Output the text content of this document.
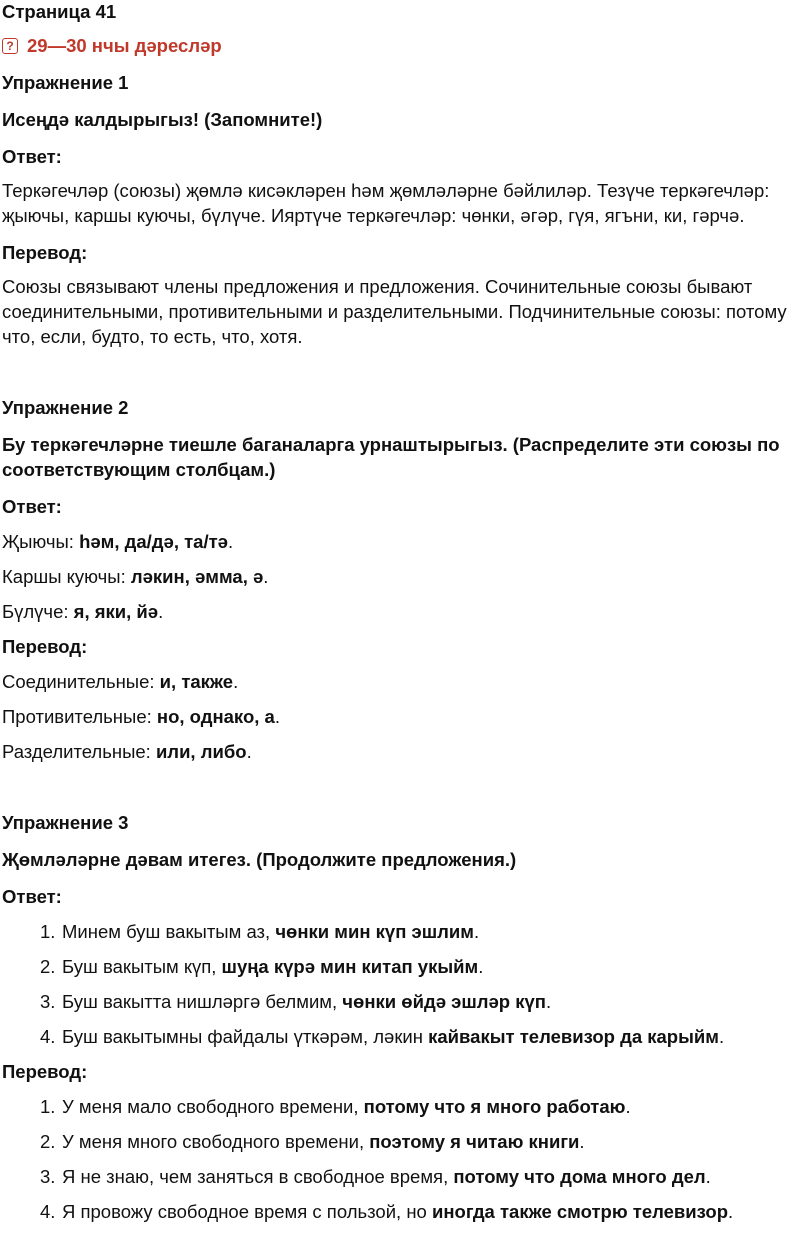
Страница 41

? 29—30 нчы дәресләр

Упражнение 1

Исеңдә калдырыгыз! (Запомните!)

Ответ:

Теркәгечләр (союзы) җөмлә кисәкләрен һәм җөмләләрне бәйлиләр. Тезүче теркәгечләр: җыючы, каршы куючы, бүлүче. Ияртүче теркәгечләр: чөнки, әгәр, гүя, ягъни, ки, гәрчә.

Перевод:

Союзы связывают члены предложения и предложения. Сочинительные союзы бывают соединительными, противительными и разделительными. Подчинительные союзы: потому что, если, будто, то есть, что, хотя.

Упражнение 2

Бу теркәгечләрне тиешле баганаларга урнаштырыгыз. (Распределите эти союзы по соответствующим столбцам.)

Ответ:

Җыючы: һәм, да/дә, та/тә.

Каршы куючы: ләкин, әмма, ә.

Бүлүче: я, яки, йә.

Перевод:

Соединительные: и, также.

Противительные: но, однако, а.

Разделительные: или, либо.

Упражнение 3

Җөмләләрне дәвам итегез. (Продолжите предложения.)

Ответ:

1. Минем буш вакытым аз, чөнки мин күп эшлим.
2. Буш вакытым күп, шуңа күрә мин китап укыйм.
3. Буш вакытта нишләргә белмим, чөнки өйдә эшләр күп.
4. Буш вакытымны файдалы үткәрәм, ләкин кайвакыт телевизор да карыйм.

Перевод:

1. У меня мало свободного времени, потому что я много работаю.
2. У меня много свободного времени, поэтому я читаю книги.
3. Я не знаю, чем заняться в свободное время, потому что дома много дел.
4. Я провожу свободное время с пользой, но иногда также смотрю телевизор.
